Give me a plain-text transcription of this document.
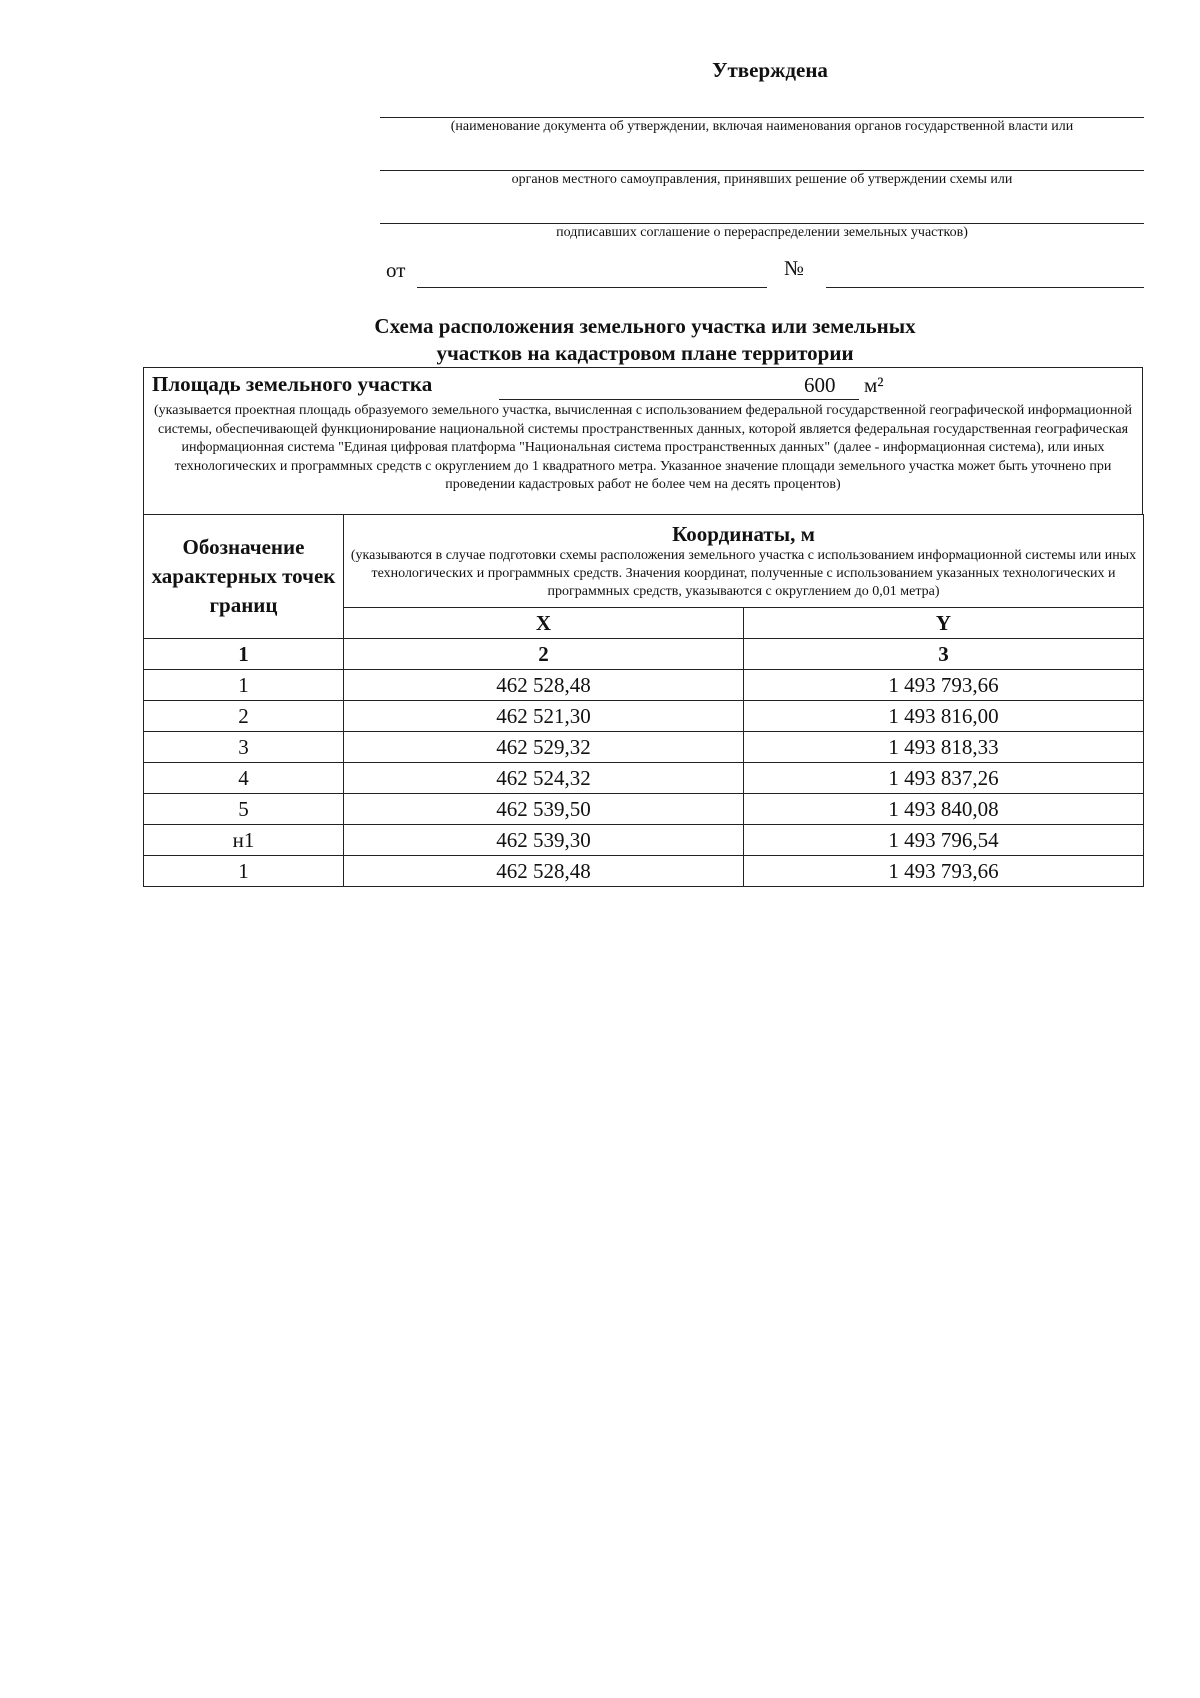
Утверждена
(наименование документа об утверждении, включая наименования органов государственной власти или
органов местного самоуправления, принявших решение об утверждении схемы или
подписавших соглашение о перераспределении земельных участков)
от	№
Схема расположения земельного участка или земельных
участков на кадастровом плане территории
Площадь земельного участка	600 м²
(указывается проектная площадь образуемого земельного участка, вычисленная с использованием федеральной государственной географической информационной системы, обеспечивающей функционирование национальной системы пространственных данных, которой является федеральная государственная географическая информационная система "Единая цифровая платформа "Национальная система пространственных данных" (далее - информационная система), или иных технологических и программных средств с округлением до 1 квадратного метра. Указанное значение площади земельного участка может быть уточнено при проведении кадастровых работ не более чем на десять процентов)
Обозначение характерных точек границ	Координаты, м
(указываются в случае подготовки схемы расположения земельного участка с использованием информационной системы или иных технологических и программных средств. Значения координат, полученные с использованием указанных технологических и программных средств, указываются с округлением до 0,01 метра)	

	X	Y
1	2	3
1	462 528,48	1 493 793,66
2	462 521,30	1 493 816,00
3	462 529,32	1 493 818,33
4	462 524,32	1 493 837,26
5	462 539,50	1 493 840,08
н1	462 539,30	1 493 796,54
1	462 528,48	1 493 793,66
